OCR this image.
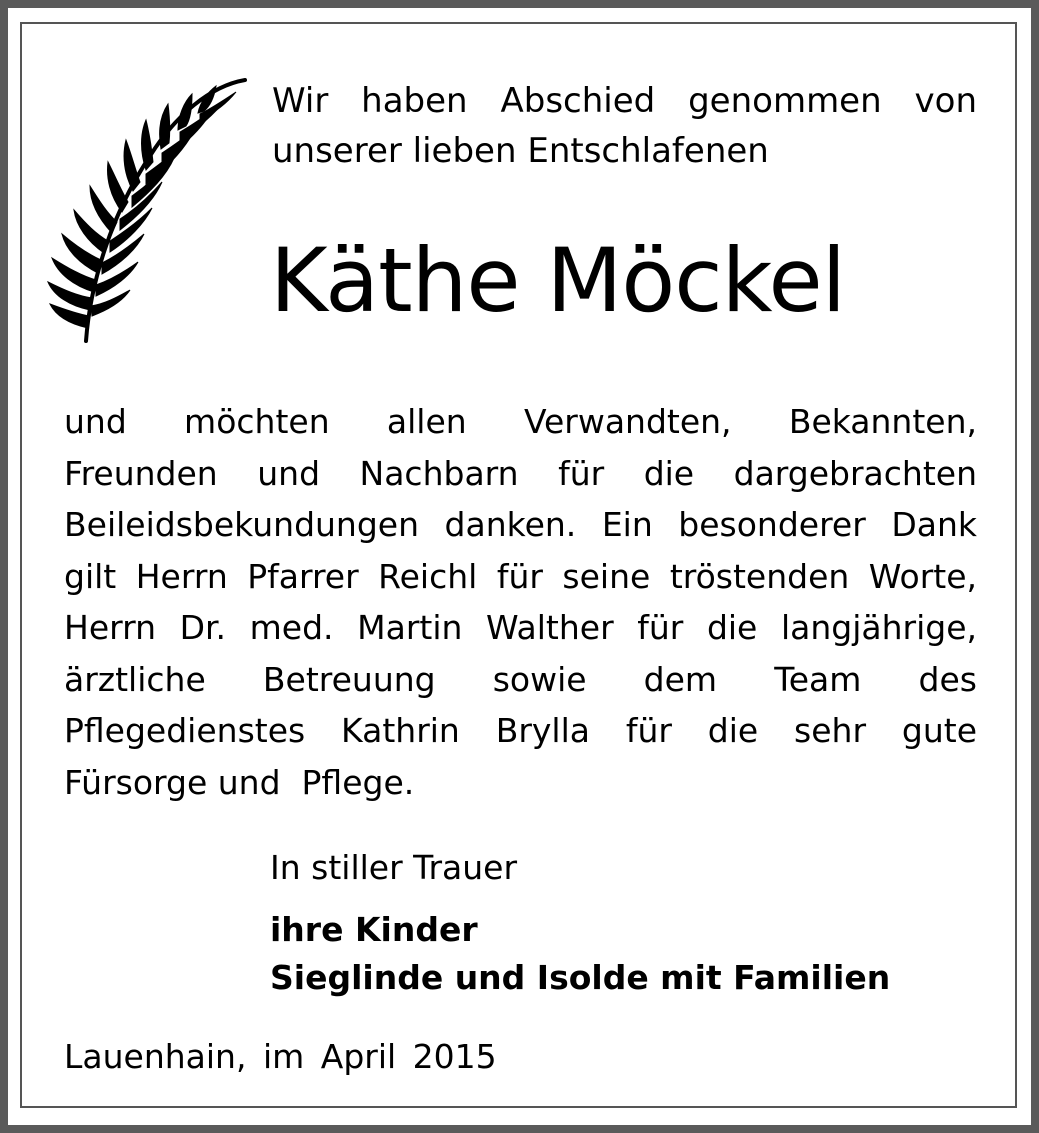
Wir haben Abschied genommen von
unserer lieben Entschlafenen
Käthe Möckel
und möchten allen Verwandten, Bekannten,
Freunden und Nachbarn für die dargebrachten
Beileidsbekundungen danken. Ein besonderer Dank
gilt Herrn Pfarrer Reichl für seine tröstenden Worte,
Herrn Dr. med. Martin Walther für die langjährige,
ärztliche Betreuung sowie dem Team des
Pflegedienstes Kathrin Brylla für die sehr gute
Fürsorge und  Pflege.
In stiller Trauer
ihre Kinder
Sieglinde und Isolde mit Familien
Lauenhain, im April 2015
